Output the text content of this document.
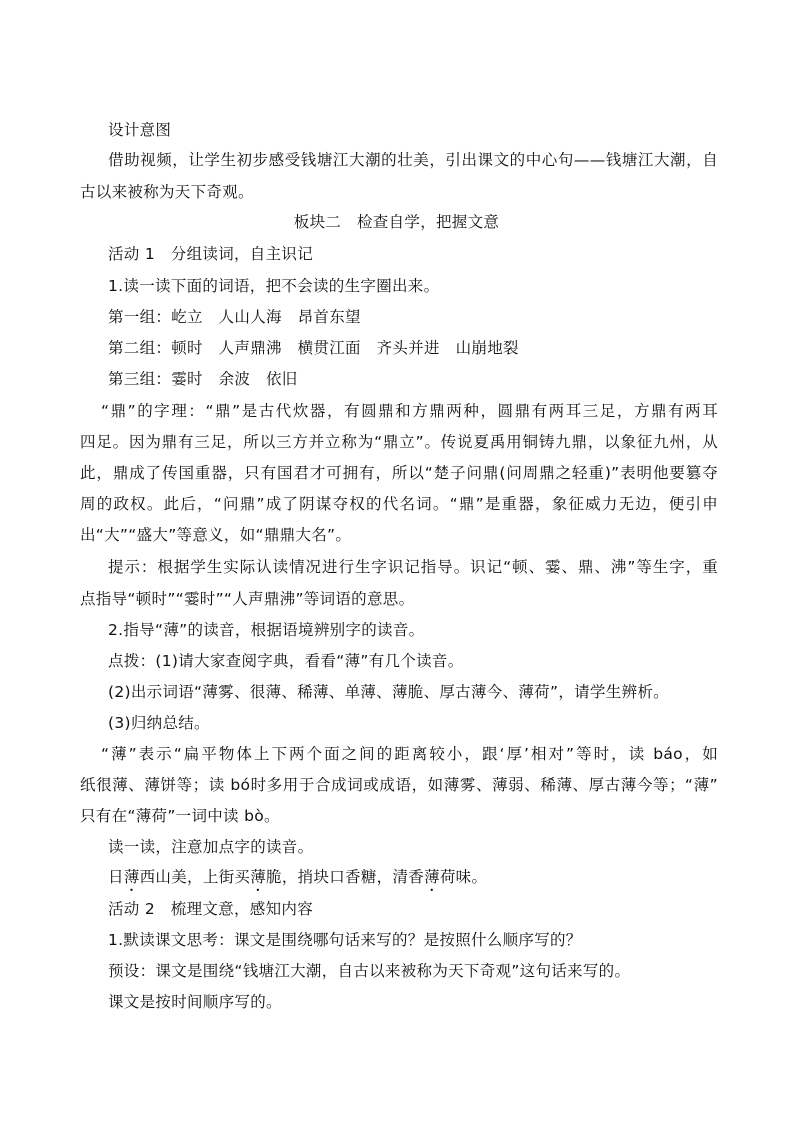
设计意图
借助视频，让学生初步感受钱塘江大潮的壮美，引出课文的中心句——钱塘江大潮，自
古以来被称为天下奇观。
板块二　检查自学，把握文意
活动 1　分组读词，自主识记
1.读一读下面的词语，把不会读的生字圈出来。
第一组：屹立　人山人海　昂首东望
第二组：顿时　人声鼎沸　横贯江面　齐头并进　山崩地裂
第三组：霎时　余波　依旧
“鼎”的字理：“鼎”是古代炊器，有圆鼎和方鼎两种，圆鼎有两耳三足，方鼎有两耳
四足。因为鼎有三足，所以三方并立称为“鼎立”。传说夏禹用铜铸九鼎，以象征九州，从
此，鼎成了传国重器，只有国君才可拥有，所以“楚子问鼎(问周鼎之轻重)”表明他要篡夺
周的政权。此后，“问鼎”成了阴谋夺权的代名词。“鼎”是重器，象征威力无边，便引申
出“大”“盛大”等意义，如“鼎鼎大名”。
提示：根据学生实际认读情况进行生字识记指导。识记“顿、霎、鼎、沸”等生字，重
点指导“顿时”“霎时”“人声鼎沸”等词语的意思。
2.指导“薄”的读音，根据语境辨别字的读音。
点拨：(1)请大家查阅字典，看看“薄”有几个读音。
(2)出示词语“薄雾、很薄、稀薄、单薄、薄脆、厚古薄今、薄荷”，请学生辨析。
(3)归纳总结。
“薄”表示“扁平物体上下两个面之间的距离较小，跟‘厚’相对”等时，读 báo，如
纸很薄、薄饼等；读 bó时多用于合成词或成语，如薄雾、薄弱、稀薄、厚古薄今等；“薄”
只有在“薄荷”一词中读 bò。
读一读，注意加点字的读音。
日薄西山美，上街买薄脆，捎块口香糖，清香薄荷味。
活动 2　梳理文意，感知内容
1.默读课文思考：课文是围绕哪句话来写的？是按照什么顺序写的？
预设：课文是围绕“钱塘江大潮，自古以来被称为天下奇观”这句话来写的。
课文是按时间顺序写的。
